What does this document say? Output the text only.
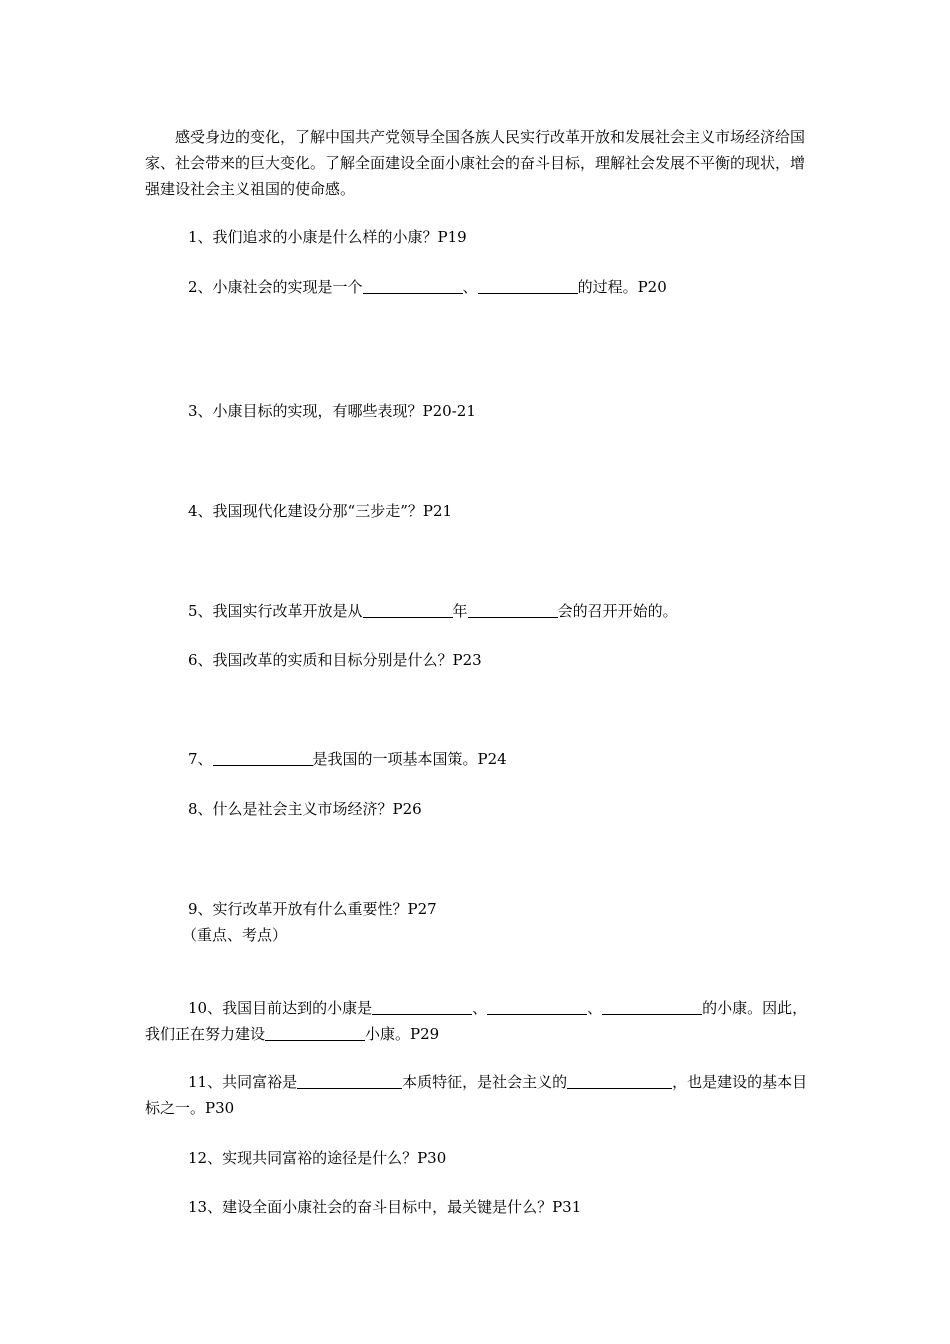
感受身边的变化，了解中国共产党领导全国各族人民实行改革开放和发展社会主义市场经济给国家、社会带来的巨大变化。了解全面建设全面小康社会的奋斗目标，理解社会发展不平衡的现状，增强建设社会主义祖国的使命感。

1、我们追求的小康是什么样的小康？P19

2、小康社会的实现是一个	、	的过程。P20

3、小康目标的实现，有哪些表现？P20-21

4、我国现代化建设分那“三步走”？P21

5、我国实行改革开放是从	年	会的召开开始的。

6、我国改革的实质和目标分别是什么？P23

7、	是我国的一项基本国策。P24

8、什么是社会主义市场经济？P26

9、实行改革开放有什么重要性？P27

（重点、考点）

10、我国目前达到的小康是	、	、	的小康。因此，我们正在努力建设	小康。P29

11、共同富裕是	本质特征，是社会主义的	，也是建设的基本目标之一。P30

12、实现共同富裕的途径是什么？P30

13、建设全面小康社会的奋斗目标中，最关键是什么？P31
